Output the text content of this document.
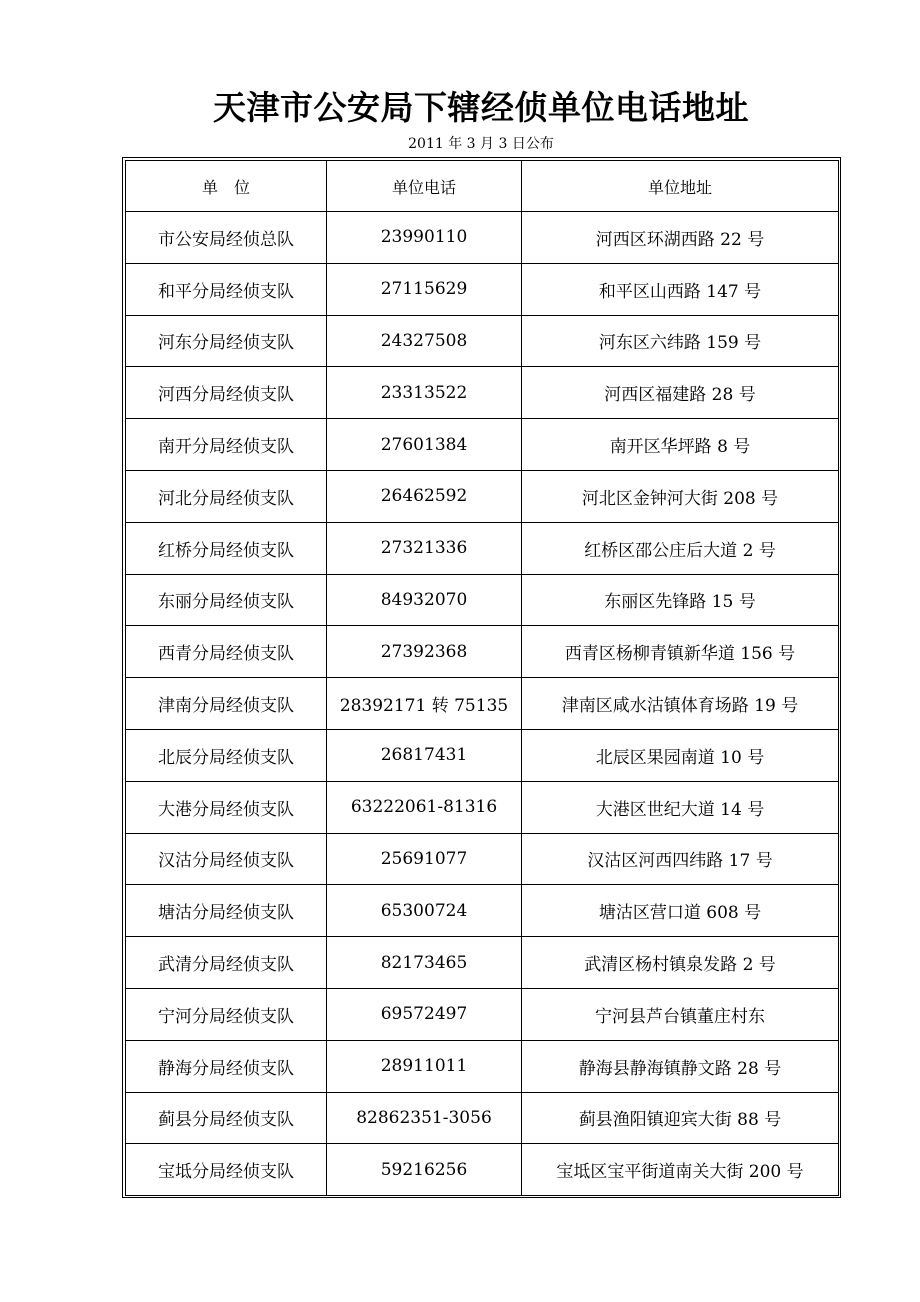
天津市公安局下辖经侦单位电话地址
2011 年 3 月 3 日公布
单　位	单位电话	单位地址
市公安局经侦总队	23990110	河西区环湖西路 22 号
和平分局经侦支队	27115629	和平区山西路 147 号
河东分局经侦支队	24327508	河东区六纬路 159 号
河西分局经侦支队	23313522	河西区福建路 28 号
南开分局经侦支队	27601384	南开区华坪路 8 号
河北分局经侦支队	26462592	河北区金钟河大街 208 号
红桥分局经侦支队	27321336	红桥区邵公庄后大道 2 号
东丽分局经侦支队	84932070	东丽区先锋路 15 号
西青分局经侦支队	27392368	西青区杨柳青镇新华道 156 号
津南分局经侦支队	28392171 转 75135	津南区咸水沽镇体育场路 19 号
北辰分局经侦支队	26817431	北辰区果园南道 10 号
大港分局经侦支队	63222061-81316	大港区世纪大道 14 号
汉沽分局经侦支队	25691077	汉沽区河西四纬路 17 号
塘沽分局经侦支队	65300724	塘沽区营口道 608 号
武清分局经侦支队	82173465	武清区杨村镇泉发路 2 号
宁河分局经侦支队	69572497	宁河县芦台镇董庄村东
静海分局经侦支队	28911011	静海县静海镇静文路 28 号
蓟县分局经侦支队	82862351-3056	蓟县渔阳镇迎宾大街 88 号
宝坻分局经侦支队	59216256	宝坻区宝平街道南关大街 200 号
